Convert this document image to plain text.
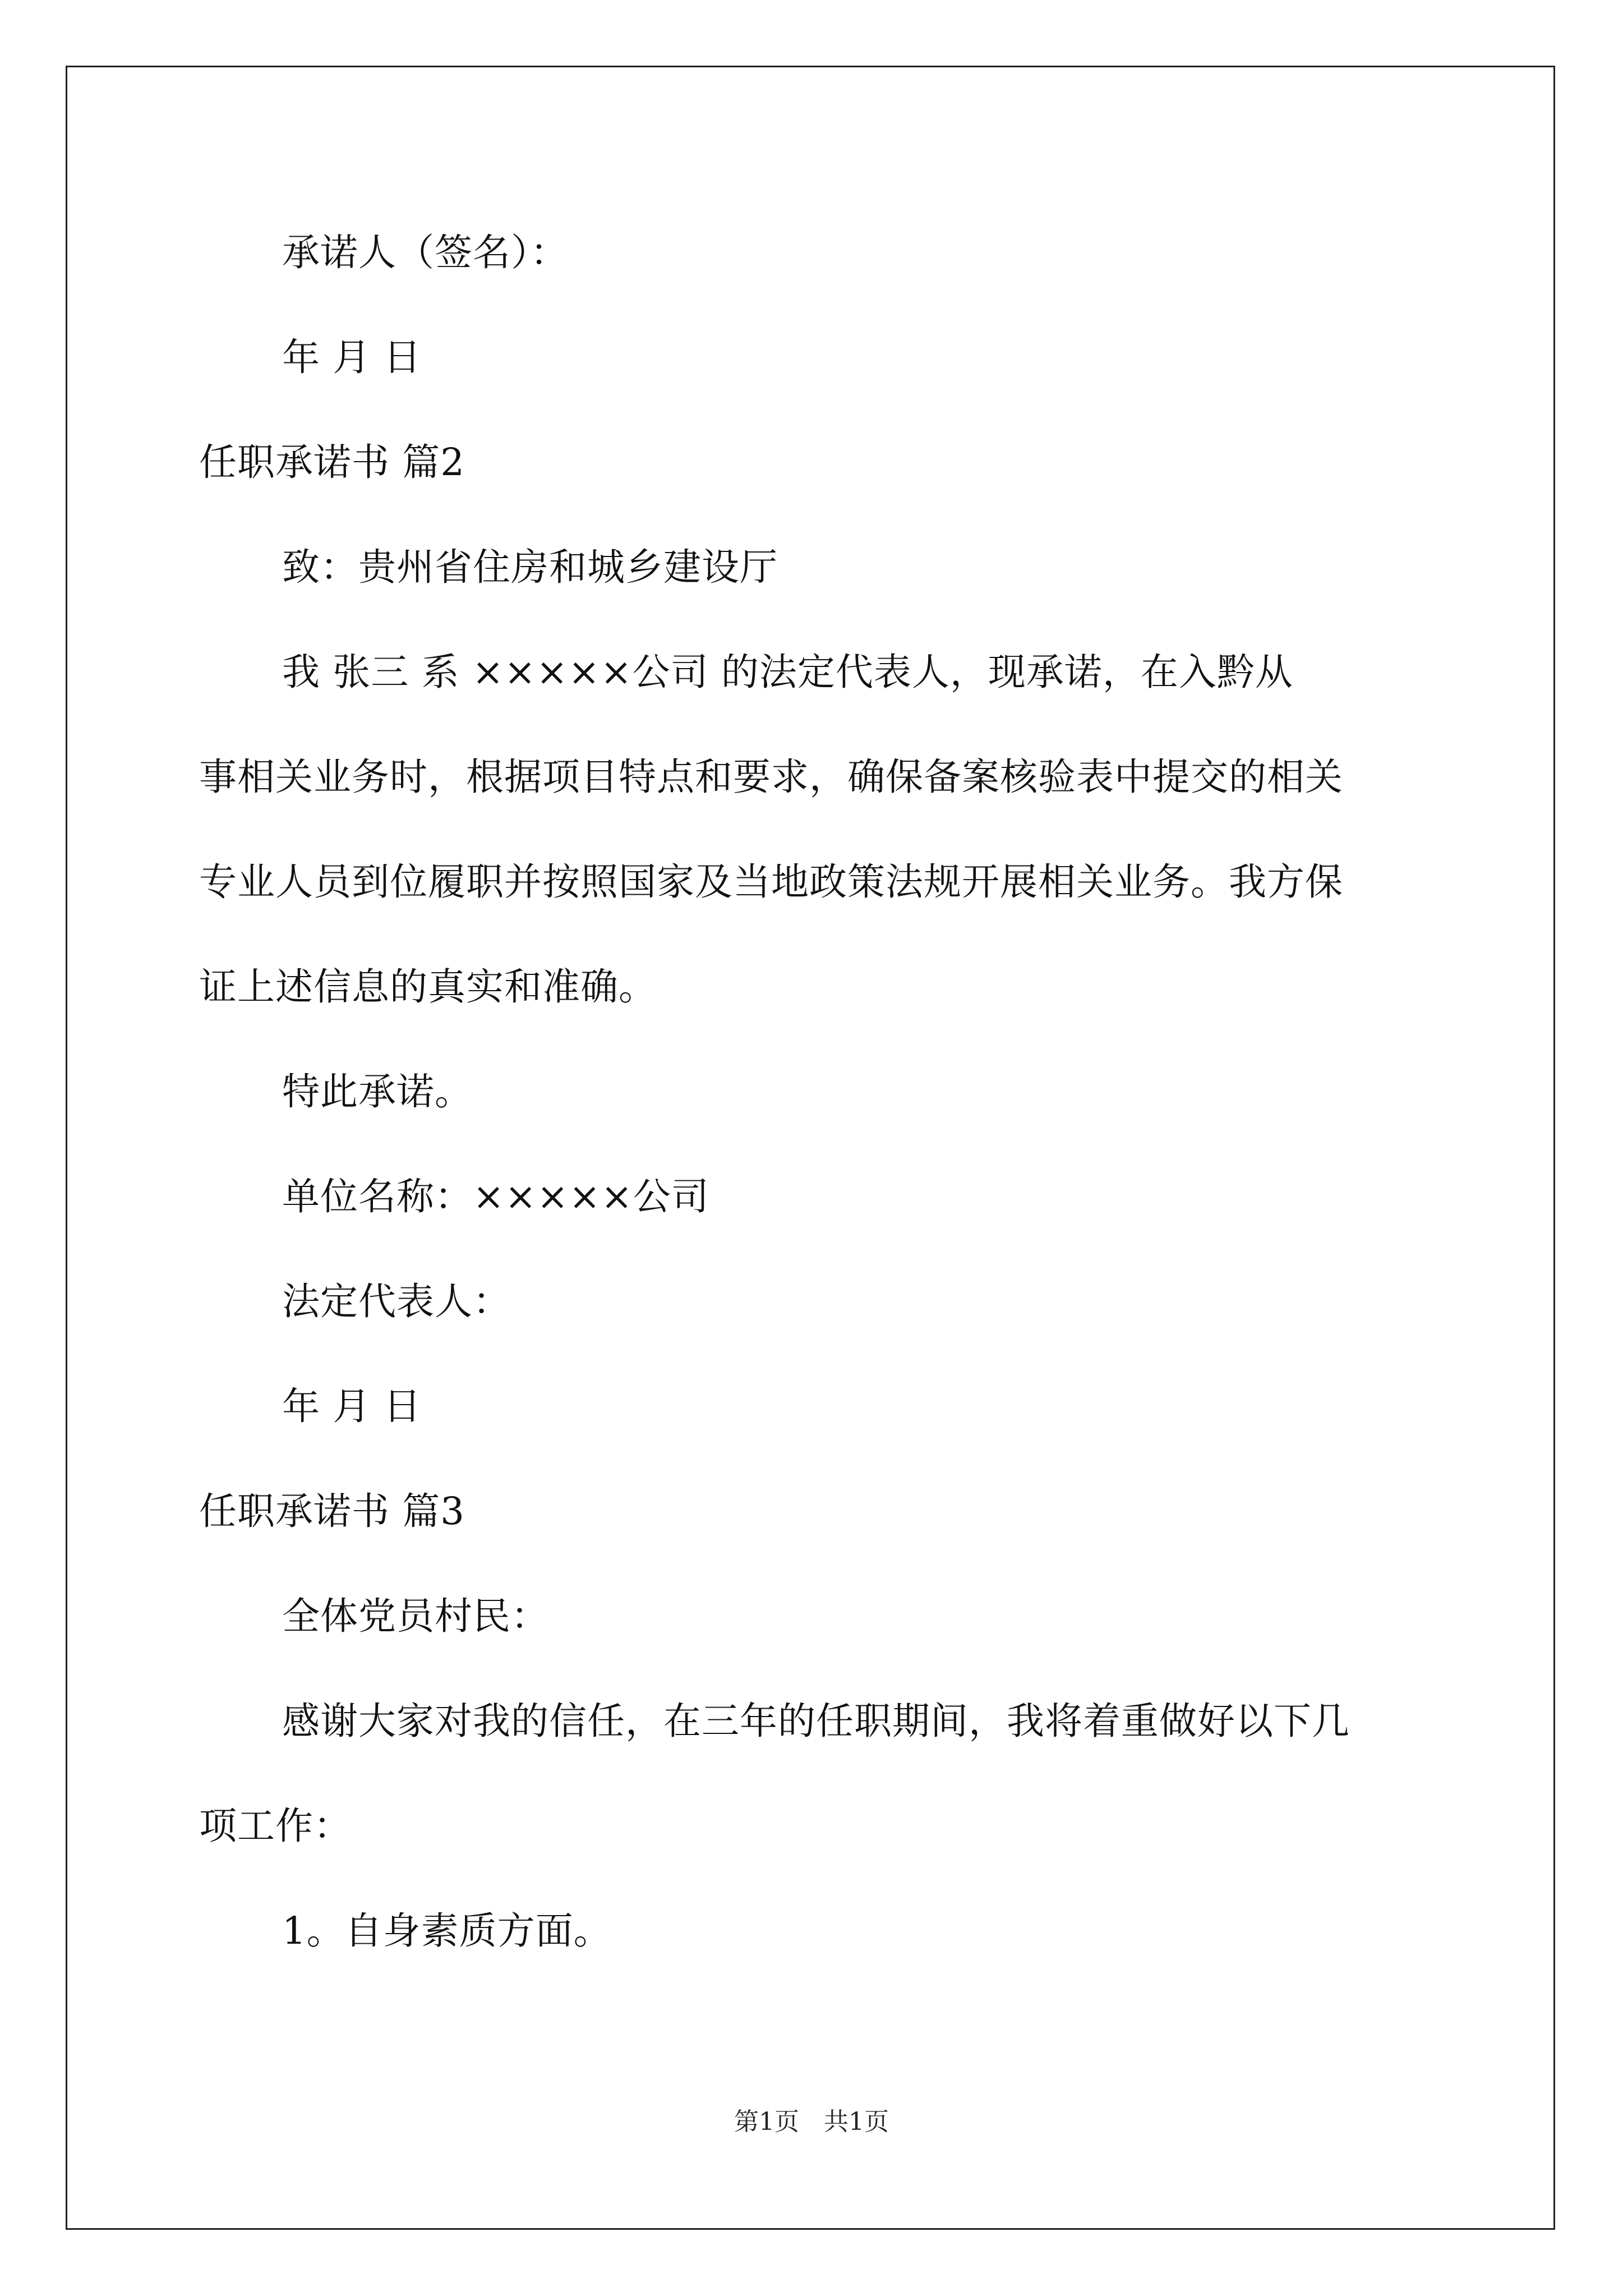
承诺人（签名）：
年 月 日
任职承诺书 篇2
致：贵州省住房和城乡建设厅
我 张三 系 ×××××公司 的法定代表人，现承诺，在入黔从
事相关业务时，根据项目特点和要求，确保备案核验表中提交的相关
专业人员到位履职并按照国家及当地政策法规开展相关业务。我方保
证上述信息的真实和准确。
特此承诺。
单位名称：×××××公司
法定代表人：
年 月 日
任职承诺书 篇3
全体党员村民：
感谢大家对我的信任，在三年的任职期间，我将着重做好以下几
项工作：
1。自身素质方面。
第1页　共1页
